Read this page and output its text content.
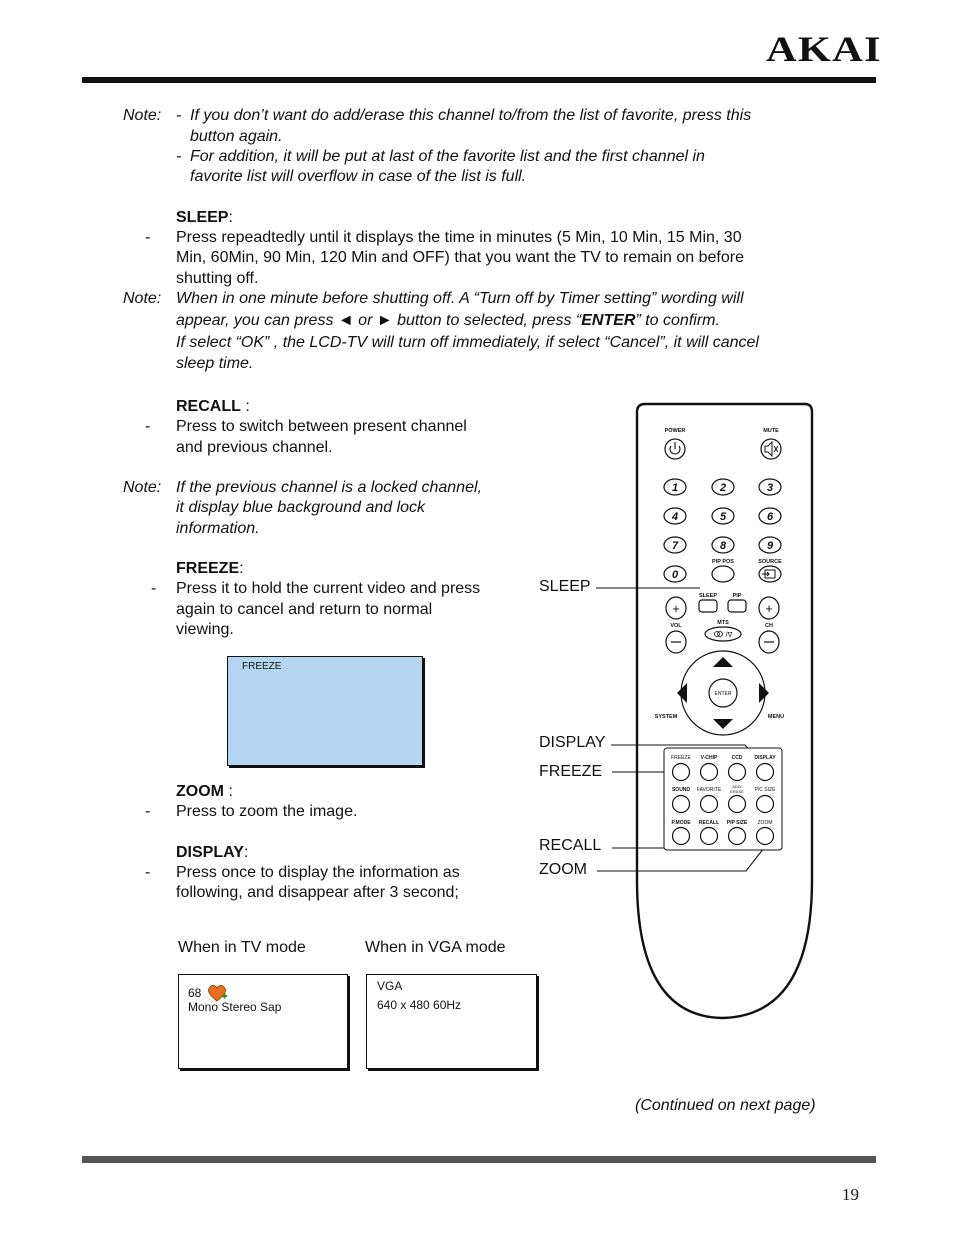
AKAI
Note: - If you don’t want do add/erase this channel to/from the list of favorite, press this
button again.
- For addition, it will be put at last of the favorite list and the first channel in
favorite list will overflow in case of the list is full.
SLEEP:
- Press repeadtedly until it displays the time in minutes (5 Min, 10 Min, 15 Min, 30
Min, 60Min, 90 Min, 120 Min and OFF) that you want the TV to remain on before
shutting off.
Note: When in one minute before shutting off. A “Turn off by Timer setting” wording will
appear, you can press ◄ or ► button to selected, press “ENTER” to confirm.
If select “OK” , the LCD-TV will turn off immediately, if select “Cancel”, it will cancel
sleep time.
RECALL :
- Press to switch between present channel
and previous channel.
Note: If the previous channel is a locked channel,
it display blue background and lock
information.
FREEZE:
- Press it to hold the current video and press
again to cancel and return to normal
viewing.
FREEZE
ZOOM :
- Press to zoom the image.
DISPLAY:
- Press once to display the information as
following, and disappear after 3 second;
When in TV mode	When in VGA mode
68
Mono Stereo Sap
VGA
640 x 480 60Hz
SLEEP
DISPLAY
FREEZE
RECALL
ZOOM
POWER	MUTE
1	2	3
4	5	6
7	8	9
0
PIP POS	SOURCE
SLEEP	PIP
+
VOL
+
CH
MTS
/ᐁ
ENTER
SYSTEM	MENU
FREEZE V-CHIP	CCD DISPLAY
SOUND FAVORITE
ADD/
ERASE P/C SIZE
P.MODE RECALL PIP SIZE ZOOM
(Continued on next page)
19
